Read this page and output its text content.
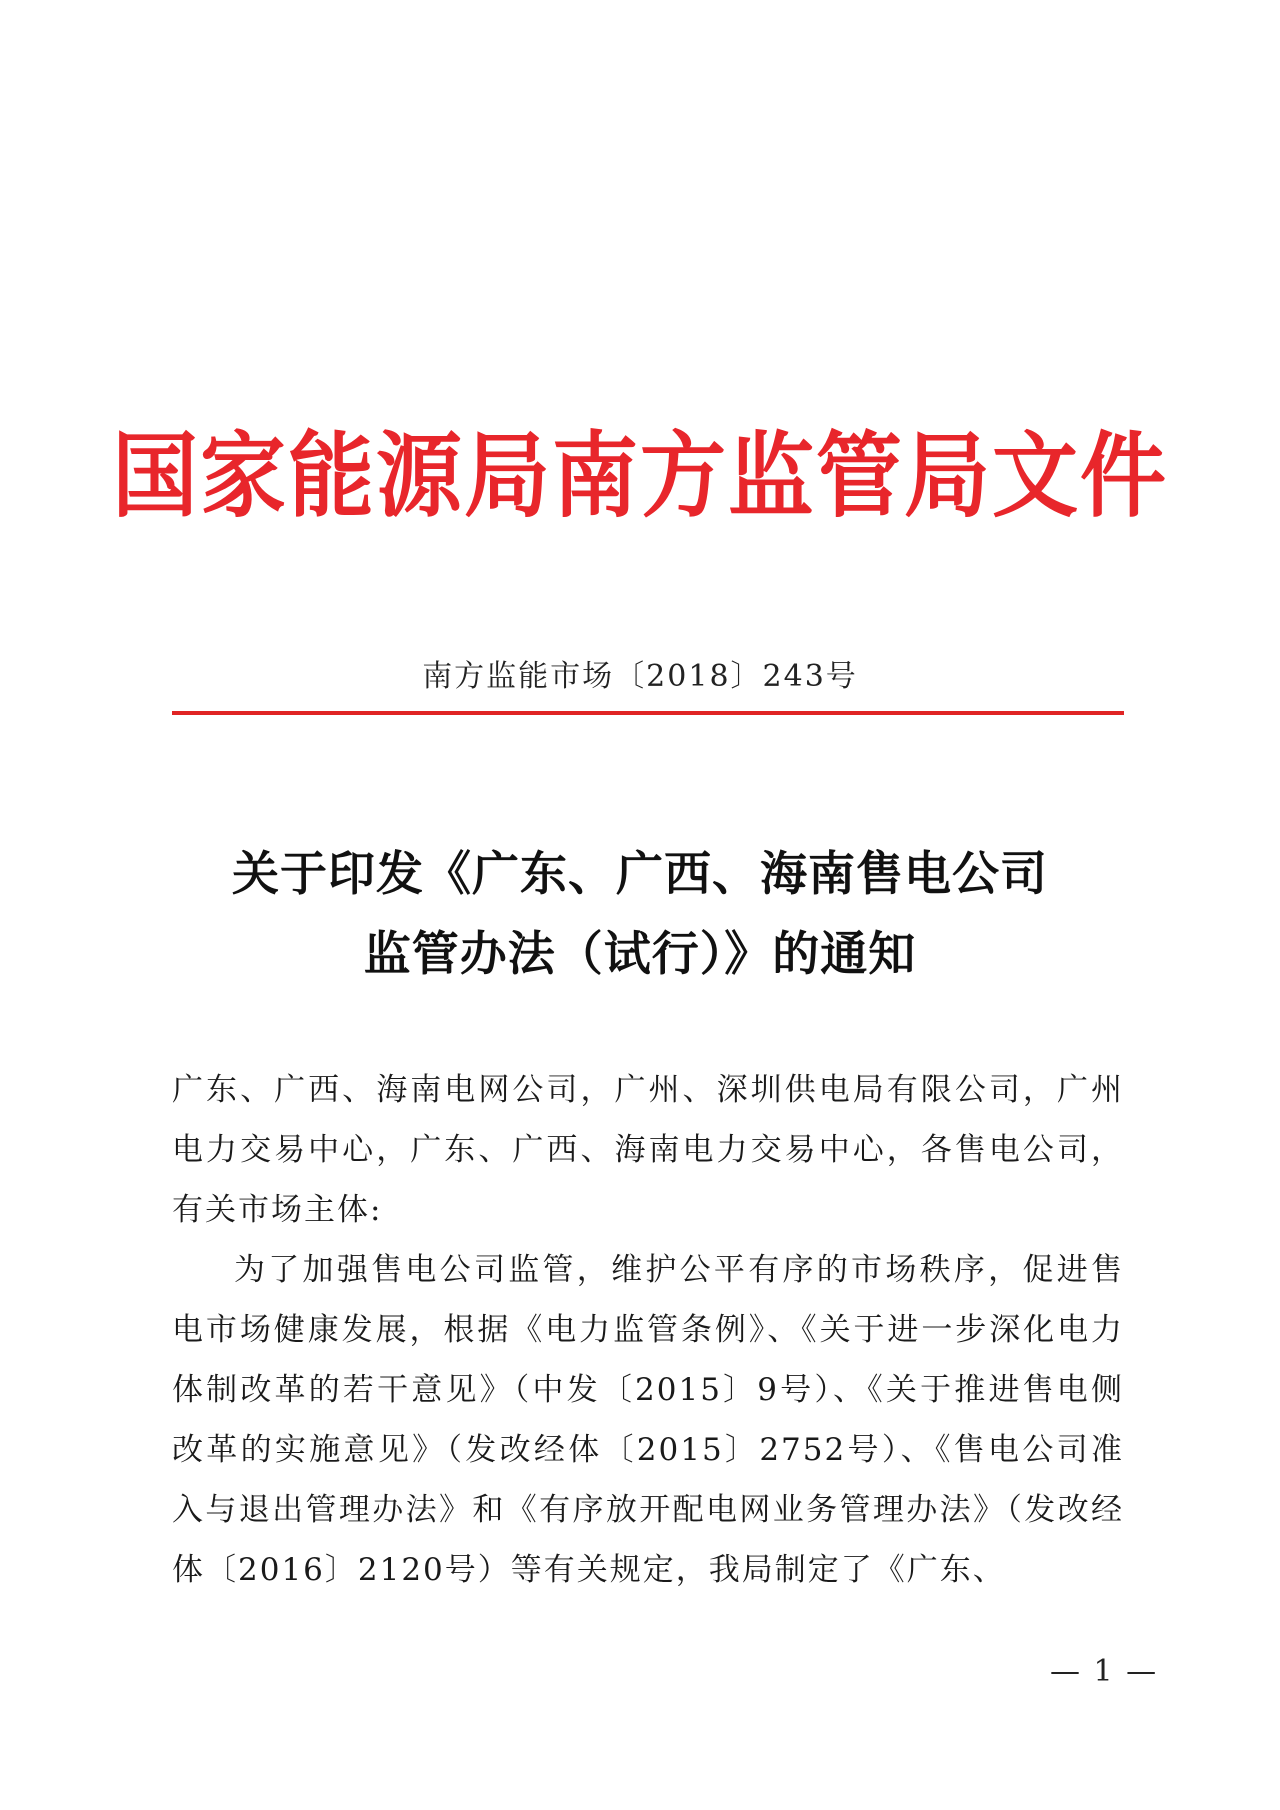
国家能源局南方监管局文件
南方监能市场〔2018〕243号
关于印发《广东、广西、海南售电公司
监管办法（试行）》的通知

广东、广西、海南电网公司，广州、深圳供电局有限公司，广州电力交易中心，广东、广西、海南电力交易中心，各售电公司，有关市场主体:

为了加强售电公司监管，维护公平有序的市场秩序，促进售电市场健康发展，根据《电力监管条例》、《关于进一步深化电力体制改革的若干意见》（中发〔2015〕9号）、《关于推进售电侧改革的实施意见》（发改经体〔2015〕2752号）、《售电公司准入与退出管理办法》和《有序放开配电网业务管理办法》（发改经体〔2016〕2120号）等有关规定，我局制定了《广东、

— 1 —
